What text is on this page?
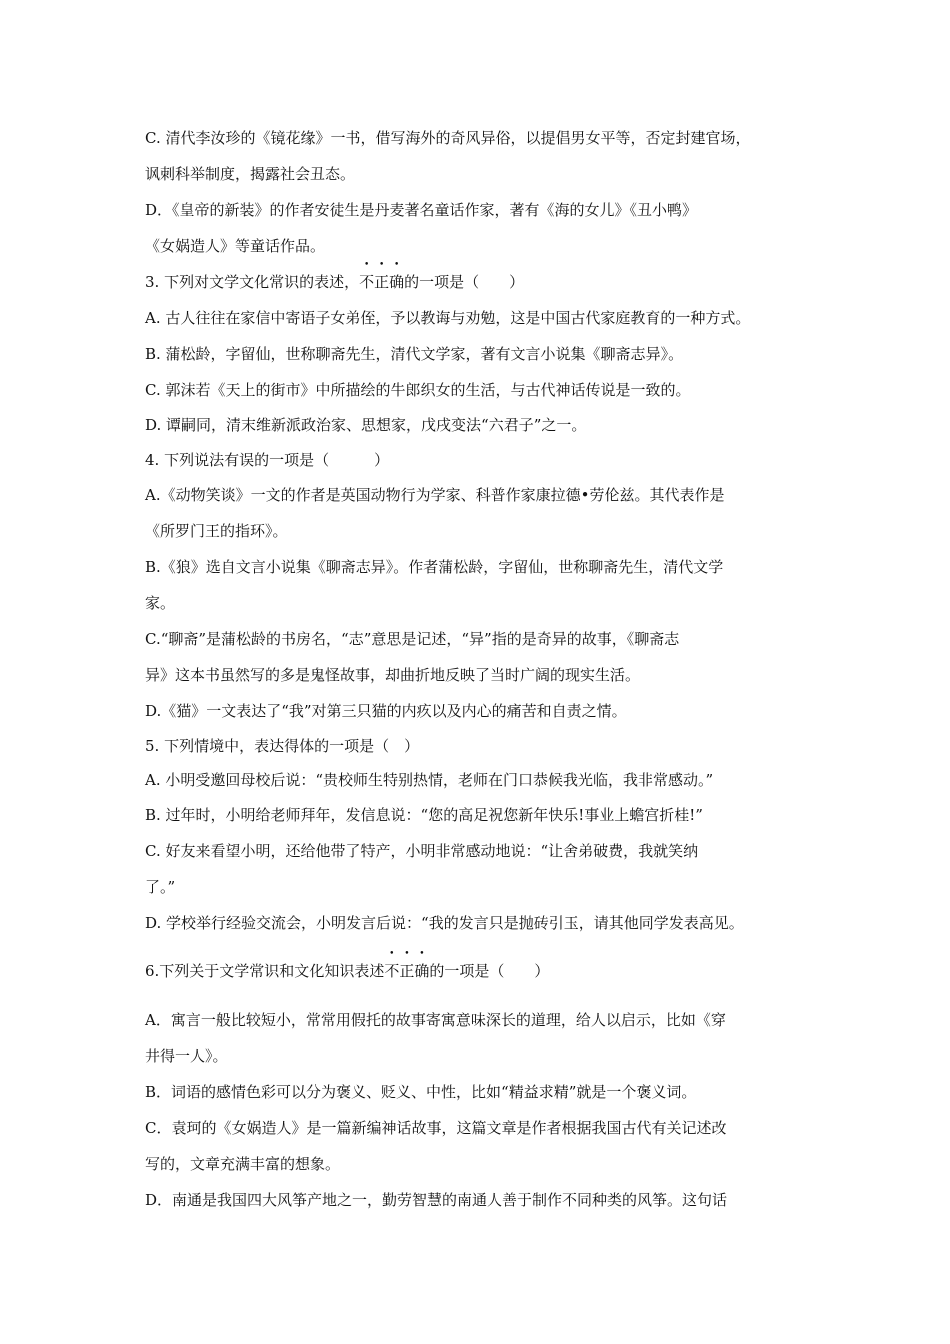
C. 清代李汝珍的《镜花缘》一书，借写海外的奇风异俗，以提倡男女平等，否定封建官场，
讽刺科举制度，揭露社会丑态。
D．《皇帝的新装》的作者安徒生是丹麦著名童话作家，著有《海的女儿》《丑小鸭》
《女娲造人》等童话作品。
3. 下列对文学文化常识的表述，不正确的一项是（　　）
A. 古人往往在家信中寄语子女弟侄，予以教诲与劝勉，这是中国古代家庭教育的一种方式。
B. 蒲松龄，字留仙，世称聊斋先生，清代文学家，著有文言小说集《聊斋志异》。
C. 郭沫若《天上的街市》中所描绘的牛郎织女的生活，与古代神话传说是一致的。
D. 谭嗣同，清末维新派政治家、思想家，戊戌变法“六君子”之一。
4. 下列说法有误的一项是（　　　）
A.《动物笑谈》一文的作者是英国动物行为学家、科普作家康拉德•劳伦兹。其代表作是
《所罗门王的指环》。
B.《狼》选自文言小说集《聊斋志异》。作者蒲松龄，字留仙，世称聊斋先生，清代文学
家。
C.“聊斋”是蒲松龄的书房名，“志”意思是记述，“异”指的是奇异的故事，《聊斋志
异》这本书虽然写的多是鬼怪故事，却曲折地反映了当时广阔的现实生活。
D.《猫》一文表达了“我”对第三只猫的内疚以及内心的痛苦和自责之情。
5. 下列情境中，表达得体的一项是（　）
A. 小明受邀回母校后说：“贵校师生特别热情，老师在门口恭候我光临，我非常感动。”
B. 过年时，小明给老师拜年，发信息说：“您的高足祝您新年快乐!事业上蟾宫折桂!”
C. 好友来看望小明，还给他带了特产，小明非常感动地说：“让舍弟破费，我就笑纳
了。”
D. 学校举行经验交流会，小明发言后说：“我的发言只是抛砖引玉，请其他同学发表高见。
6.下列关于文学常识和文化知识表述不正确的一项是（　　）
A．寓言一般比较短小，常常用假托的故事寄寓意味深长的道理，给人以启示，比如《穿
井得一人》。
B．词语的感情色彩可以分为褒义、贬义、中性，比如“精益求精”就是一个褒义词。
C．袁珂的《女娲造人》是一篇新编神话故事，这篇文章是作者根据我国古代有关记述改
写的，文章充满丰富的想象。
D．南通是我国四大风筝产地之一，勤劳智慧的南通人善于制作不同种类的风筝。这句话
